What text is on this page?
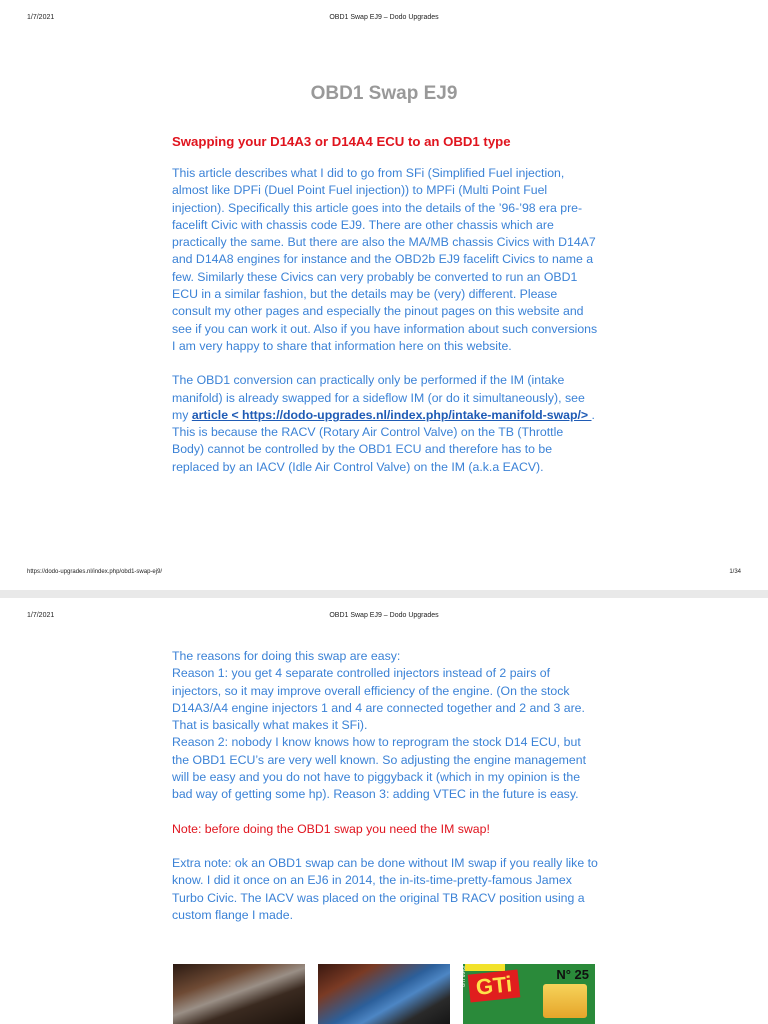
1/7/2021	OBD1 Swap EJ9 – Dodo Upgrades
OBD1 Swap EJ9
Swapping your D14A3 or D14A4 ECU to an OBD1 type

This article describes what I did to go from SFi (Simplified Fuel injection, almost like DPFi (Duel Point Fuel injection)) to MPFi (Multi Point Fuel injection). Specifically this article goes into the details of the ’96-’98 era pre-facelift Civic with chassis code EJ9. There are other chassis which are practically the same. But there are also the MA/MB chassis Civics with D14A7 and D14A8 engines for instance and the OBD2b EJ9 facelift Civics to name a few. Similarly these Civics can very probably be converted to run an OBD1 ECU in a similar fashion, but the details may be (very) different. Please consult my other pages and especially the pinout pages on this website and see if you can work it out. Also if you have information about such conversions I am very happy to share that information here on this website.

The OBD1 conversion can practically only be performed if the IM (intake manifold) is already swapped for a sideflow IM (or do it simultaneously), see my article < https://dodo-upgrades.nl/index.php/intake-manifold-swap/> . This is because the RACV (Rotary Air Control Valve) on the TB (Throttle Body) cannot be controlled by the OBD1 ECU and therefore has to be replaced by an IACV (Idle Air Control Valve) on the IM (a.k.a EACV).

https://dodo-upgrades.nl/index.php/obd1-swap-ej9/	1/34
1/7/2021	OBD1 Swap EJ9 – Dodo Upgrades

The reasons for doing this swap are easy:

Reason 1: you get 4 separate controlled injectors instead of 2 pairs of injectors, so it may improve overall efficiency of the engine. (On the stock D14A3/A4 engine injectors 1 and 4 are connected together and 2 and 3 are. That is basically what makes it SFi).

Reason 2: nobody I know knows how to reprogram the stock D14 ECU, but the OBD1 ECU’s are very well known. So adjusting the engine management will be easy and you do not have to piggyback it (which in my opinion is the bad way of getting some hp). Reason 3: adding VTEC in the future is easy.

Note: before doing the OBD1 swap you need the IM swap!

Extra note: ok an OBD1 swap can be done without IM swap if you really like to know. I did it once on an EJ6 in 2014, the in-its-time-pretty-famous Jamex Turbo Civic. The IACV was placed on the original TB RACV position using a custom flange I made.

GTI MAG GTi	N° 25
